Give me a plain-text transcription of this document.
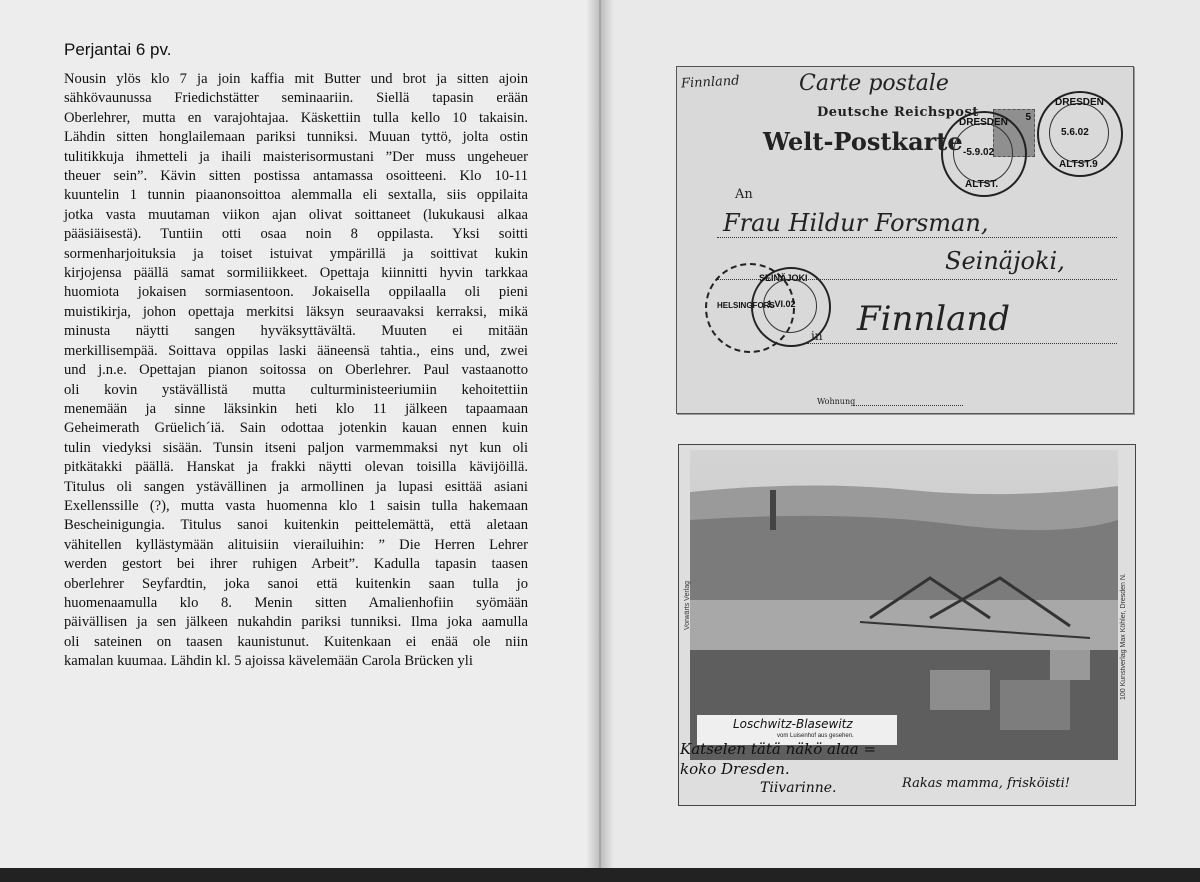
Perjantai 6 pv.
Nousin ylös klo 7 ja join kaffia mit Butter und brot ja sitten ajoin
sähkövaunussa Friedichstätter seminaariin. Siellä tapasin erään
Oberlehrer, mutta en varajohtajaa. Käskettiin tulla kello 10 takaisin.
Lähdin sitten honglailemaan pariksi tunniksi. Muuan tyttö, jolta ostin
tulitikkuja ihmetteli ja ihaili maisterisormustani ”Der muss ungeheuer
theuer sein”. Kävin sitten postissa antamassa osoitteeni. Klo 10-11
kuuntelin 1 tunnin piaanonsoittoa alemmalla eli sextalla, siis oppilaita
jotka vasta muutaman viikon ajan olivat soittaneet (lukukausi alkaa
pääsiäisestä). Tuntiin otti osaa noin 8 oppilasta. Yksi soitti
sormenharjoituksia ja toiset istuivat ympärillä ja soittivat kukin
kirjojensa päällä samat sormiliikkeet. Opettaja kiinnitti hyvin tarkkaa
huomiota jokaisen sormiasentoon. Jokaisella oppilaalla oli pieni
muistikirja, johon opettaja merkitsi läksyn seuraavaksi kerraksi, mikä
minusta näytti sangen hyväksyttävältä. Muuten ei mitään
merkillisempää. Soittava oppilas laski ääneensä tahtia., eins und, zwei
und j.n.e. Opettajan pianon soitossa on Oberlehrer. Paul vastaanotto
oli kovin ystävällistä mutta culturministeeriumiin kehoitettiin
menemään ja sinne läksinkin heti klo 11 jälkeen tapaamaan
Geheimerath Grüelich´iä. Sain odottaa jotenkin kauan ennen kuin
tulin viedyksi sisään. Tunsin itseni paljon varmemmaksi nyt kun oli
pitkätakki päällä. Hanskat ja frakki näytti olevan toisilla kävijöillä.
Titulus oli sangen ystävällinen ja armollinen ja lupasi esittää asiani
Exellenssille (?), mutta vasta huomenna klo 1 saisin tulla hakemaan
Bescheinigungia. Titulus sanoi kuitenkin peittelemättä, että aletaan
vähitellen kyllästymään alituisiin vierailuihin: ” Die Herren Lehrer
werden gestort bei ihrer ruhigen Arbeit”. Kadulla tapasin taasen
oberlehrer Seyfardtin, joka sanoi että kuitenkin saan tulla jo
huomenaamulla klo 8. Menin sitten Amalienhofiin syömään
päivällisen ja sen jälkeen nukahdin pariksi tunniksi. Ilma joka aamulla
oli sateinen on taasen kaunistunut. Kuitenkaan ei enää ole niin
kamalan kuumaa. Lähdin kl. 5 ajoissa kävelemään Carola Brücken yli
Finnland	Carte postale
Deutsche Reichspost
Welt-Postkarte
5
DRESDEN
-5.9.02
ALTST.
DRESDEN
5.6.02
ALTST.9
An
Frau Hildur Forsman,
Seinäjoki,
HELSINGFORS
SEINÄJOKI
1.VI.02
in Finnland
Wohnung
Loschwitz-Blasewitz
vom Luisenhof aus gesehen.
Katselen tätä näkö alaa =
koko Dresden.
Tiivarinne.	Rakas mamma, frisköisti!
Vorwärts Verlag	100 Kunstverlag Max Köhler, Dresden N.
